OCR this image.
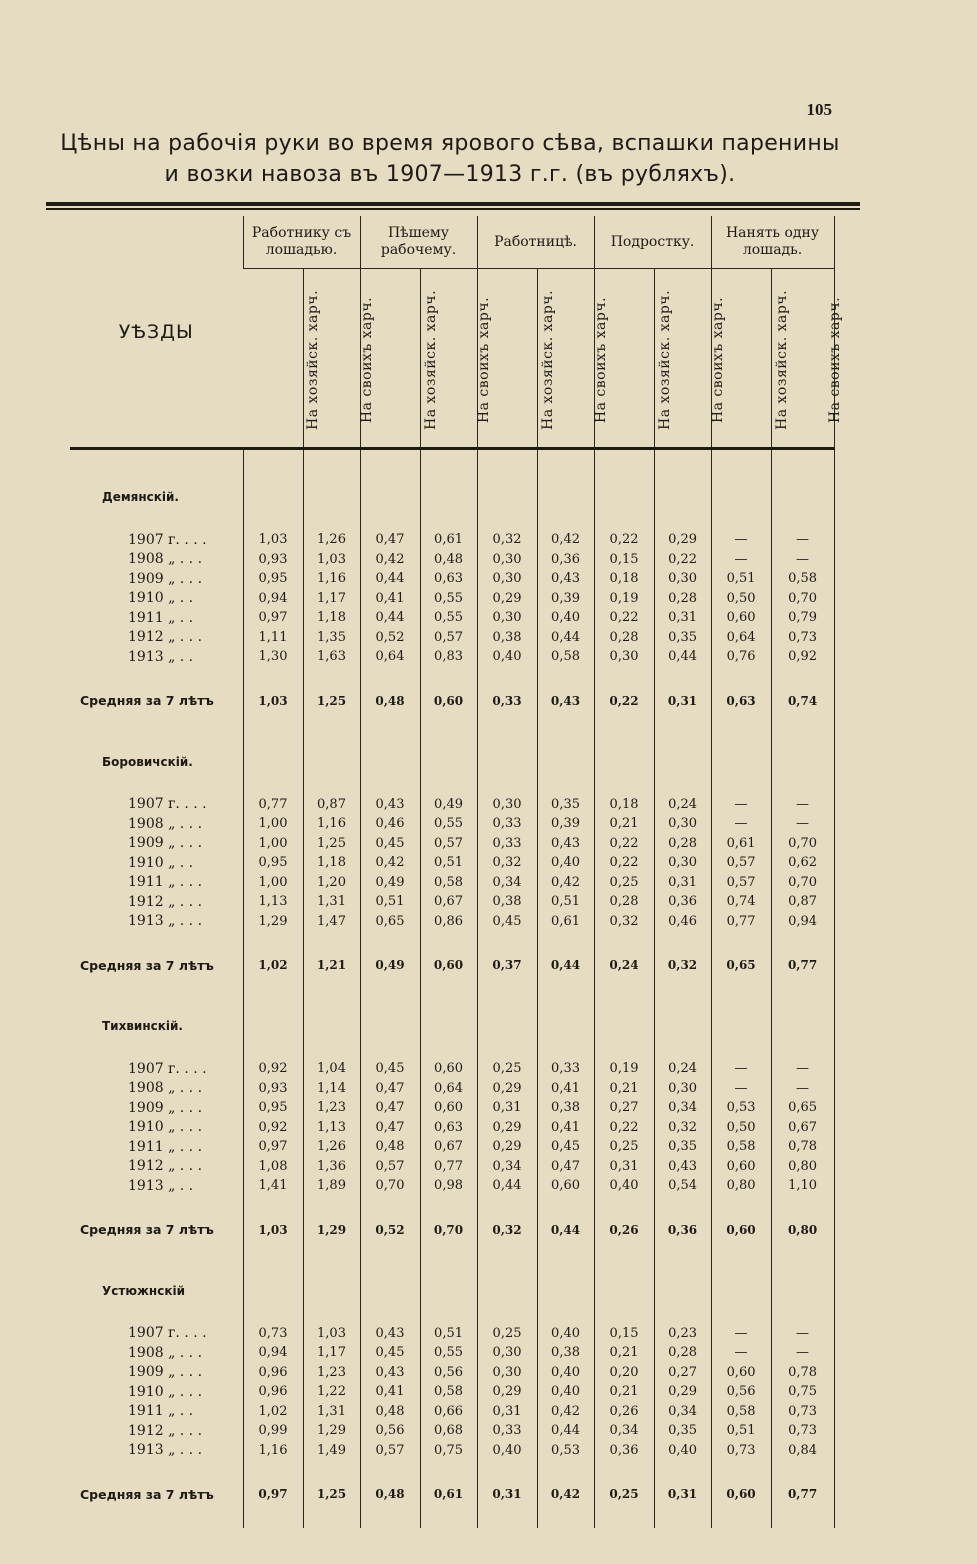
105
Цѣны на рабочія руки во время ярового сѣва, вспашки паренины и возки навоза въ 1907—1913 г.г. (въ рубляхъ).
УѢЗДЫ	Работнику съ лошадью.		Пѣшему рабочему.		Работницѣ.		Подростку.		Нанять одну лошадь.	
	На хозяйск. харч.	На своихъ харч.	На хозяйск. харч.	На своихъ харч.	На хозяйск. харч.	На своихъ харч.	На хозяйск. харч.	На своихъ харч.	На хозяйск. харч.	На своихъ харч.

Демянскій.										

1907 г. . . .	1,03	1,26	0,47	0,61	0,32	0,42	0,22	0,29	—	—
1908 „ . . .	0,93	1,03	0,42	0,48	0,30	0,36	0,15	0,22	—	—
1909 „ . . .	0,95	1,16	0,44	0,63	0,30	0,43	0,18	0,30	0,51	0,58
1910 „ . .	0,94	1,17	0,41	0,55	0,29	0,39	0,19	0,28	0,50	0,70
1911 „ . .	0,97	1,18	0,44	0,55	0,30	0,40	0,22	0,31	0,60	0,79
1912 „ . . .	1,11	1,35	0,52	0,57	0,38	0,44	0,28	0,35	0,64	0,73
1913 „ . .	1,30	1,63	0,64	0,83	0,40	0,58	0,30	0,44	0,76	0,92

Средняя за 7 лѣтъ	1,03	1,25	0,48	0,60	0,33	0,43	0,22	0,31	0,63	0,74

Боровичскій.										

1907 г. . . .	0,77	0,87	0,43	0,49	0,30	0,35	0,18	0,24	—	—
1908 „ . . .	1,00	1,16	0,46	0,55	0,33	0,39	0,21	0,30	—	—
1909 „ . . .	1,00	1,25	0,45	0,57	0,33	0,43	0,22	0,28	0,61	0,70
1910 „ . .	0,95	1,18	0,42	0,51	0,32	0,40	0,22	0,30	0,57	0,62
1911 „ . . .	1,00	1,20	0,49	0,58	0,34	0,42	0,25	0,31	0,57	0,70
1912 „ . . .	1,13	1,31	0,51	0,67	0,38	0,51	0,28	0,36	0,74	0,87
1913 „ . . .	1,29	1,47	0,65	0,86	0,45	0,61	0,32	0,46	0,77	0,94

Средняя за 7 лѣтъ	1,02	1,21	0,49	0,60	0,37	0,44	0,24	0,32	0,65	0,77

Тихвинскій.										

1907 г. . . .	0,92	1,04	0,45	0,60	0,25	0,33	0,19	0,24	—	—
1908 „ . . .	0,93	1,14	0,47	0,64	0,29	0,41	0,21	0,30	—	—
1909 „ . . .	0,95	1,23	0,47	0,60	0,31	0,38	0,27	0,34	0,53	0,65
1910 „ . . .	0,92	1,13	0,47	0,63	0,29	0,41	0,22	0,32	0,50	0,67
1911 „ . . .	0,97	1,26	0,48	0,67	0,29	0,45	0,25	0,35	0,58	0,78
1912 „ . . .	1,08	1,36	0,57	0,77	0,34	0,47	0,31	0,43	0,60	0,80
1913 „ . .	1,41	1,89	0,70	0,98	0,44	0,60	0,40	0,54	0,80	1,10

Средняя за 7 лѣтъ	1,03	1,29	0,52	0,70	0,32	0,44	0,26	0,36	0,60	0,80

Устюжнскій										

1907 г. . . .	0,73	1,03	0,43	0,51	0,25	0,40	0,15	0,23	—	—
1908 „ . . .	0,94	1,17	0,45	0,55	0,30	0,38	0,21	0,28	—	—
1909 „ . . .	0,96	1,23	0,43	0,56	0,30	0,40	0,20	0,27	0,60	0,78
1910 „ . . .	0,96	1,22	0,41	0,58	0,29	0,40	0,21	0,29	0,56	0,75
1911 „ . .	1,02	1,31	0,48	0,66	0,31	0,42	0,26	0,34	0,58	0,73
1912 „ . . .	0,99	1,29	0,56	0,68	0,33	0,44	0,34	0,35	0,51	0,73
1913 „ . . .	1,16	1,49	0,57	0,75	0,40	0,53	0,36	0,40	0,73	0,84

Средняя за 7 лѣтъ	0,97	1,25	0,48	0,61	0,31	0,42	0,25	0,31	0,60	0,77
